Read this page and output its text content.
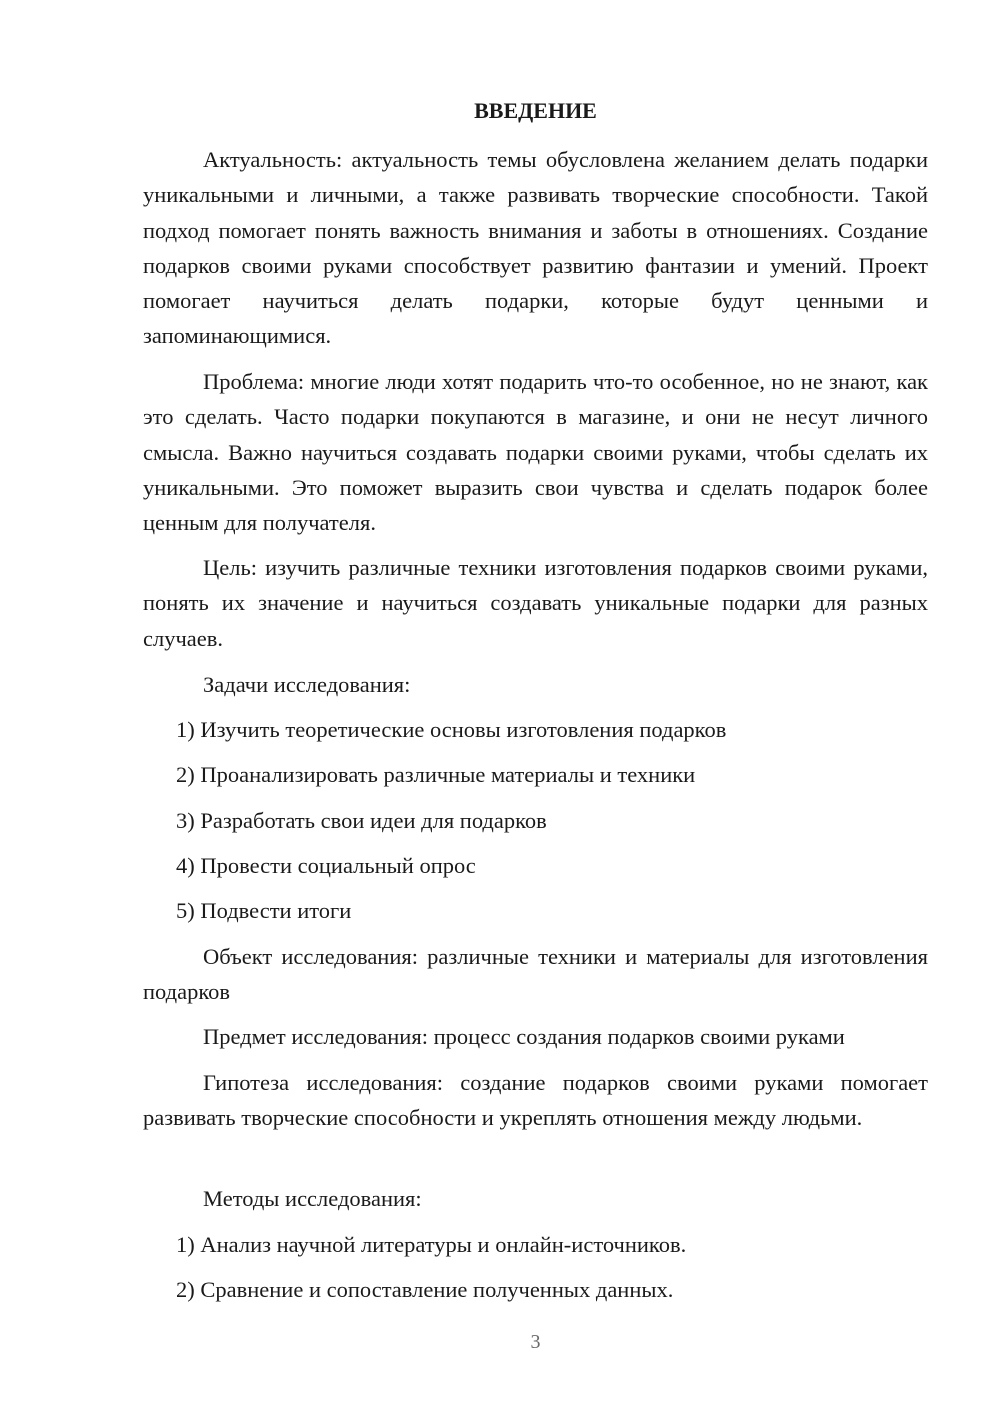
ВВЕДЕНИЕ

Актуальность: актуальность темы обусловлена желанием делать подарки уникальными и личными, а также развивать творческие способности. Такой подход помогает понять важность внимания и заботы в отношениях. Создание подарков своими руками способствует развитию фантазии и умений. Проект помогает научиться делать подарки, которые будут ценными и запоминающимися.

Проблема: многие люди хотят подарить что-то особенное, но не знают, как это сделать. Часто подарки покупаются в магазине, и они не несут личного смысла. Важно научиться создавать подарки своими руками, чтобы сделать их уникальными. Это поможет выразить свои чувства и сделать подарок более ценным для получателя.

Цель: изучить различные техники изготовления подарков своими руками, понять их значение и научиться создавать уникальные подарки для разных случаев.

Задачи исследования:

1) Изучить теоретические основы изготовления подарков

2) Проанализировать различные материалы и техники

3) Разработать свои идеи для подарков

4) Провести социальный опрос

5) Подвести итоги

Объект исследования: различные техники и материалы для изготовления подарков

Предмет исследования: процесс создания подарков своими руками

Гипотеза исследования: создание подарков своими руками помогает развивать творческие способности и укреплять отношения между людьми.

Методы исследования:

1) Анализ научной литературы и онлайн-источников.

2) Сравнение и сопоставление полученных данных.

3
